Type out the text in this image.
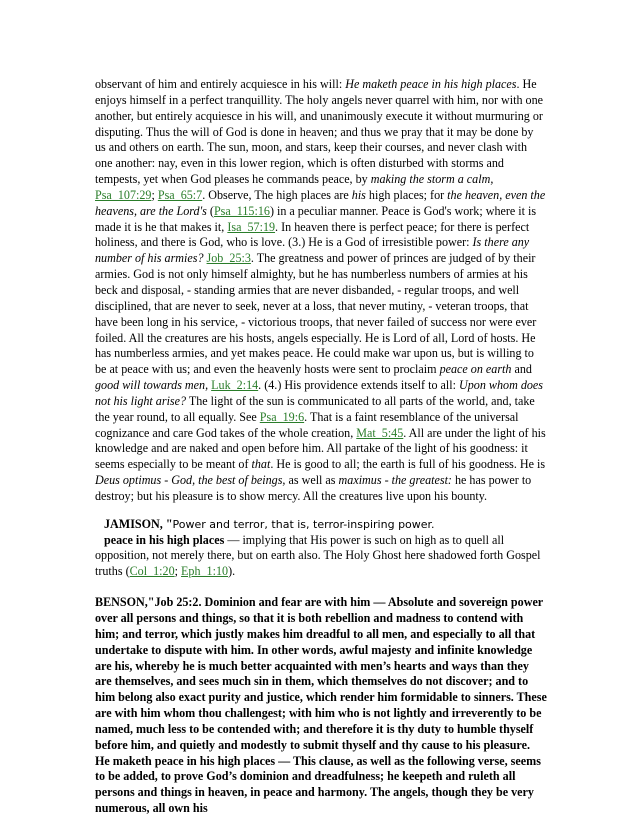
observant of him and entirely acquiesce in his will: He maketh peace in his high places. He enjoys himself in a perfect tranquillity. The holy angels never quarrel with him, nor with one another, but entirely acquiesce in his will, and unanimously execute it without murmuring or disputing. Thus the will of God is done in heaven; and thus we pray that it may be done by us and others on earth. The sun, moon, and stars, keep their courses, and never clash with one another: nay, even in this lower region, which is often disturbed with storms and tempests, yet when God pleases he commands peace, by making the storm a calm, Psa_107:29; Psa_65:7. Observe, The high places are his high places; for the heaven, even the heavens, are the Lord's (Psa_115:16) in a peculiar manner. Peace is God's work; where it is made it is he that makes it, Isa_57:19. In heaven there is perfect peace; for there is perfect holiness, and there is God, who is love. (3.) He is a God of irresistible power: Is there any number of his armies? Job_25:3. The greatness and power of princes are judged of by their armies. God is not only himself almighty, but he has numberless numbers of armies at his beck and disposal, - standing armies that are never disbanded, - regular troops, and well disciplined, that are never to seek, never at a loss, that never mutiny, - veteran troops, that have been long in his service, - victorious troops, that never failed of success nor were ever foiled. All the creatures are his hosts, angels especially. He is Lord of all, Lord of hosts. He has numberless armies, and yet makes peace. He could make war upon us, but is willing to be at peace with us; and even the heavenly hosts were sent to proclaim peace on earth and good will towards men, Luk_2:14. (4.) His providence extends itself to all: Upon whom does not his light arise? The light of the sun is communicated to all parts of the world, and, take the year round, to all equally. See Psa_19:6. That is a faint resemblance of the universal cognizance and care God takes of the whole creation, Mat_5:45. All are under the light of his knowledge and are naked and open before him. All partake of the light of his goodness: it seems especially to be meant of that. He is good to all; the earth is full of his goodness. He is Deus optimus - God, the best of beings, as well as maximus - the greatest: he has power to destroy; but his pleasure is to show mercy. All the creatures live upon his bounty.

JAMISON, "Power and terror, that is, terror-inspiring power.

peace in his high places — implying that His power is such on high as to quell all opposition, not merely there, but on earth also. The Holy Ghost here shadowed forth Gospel truths (Col_1:20; Eph_1:10).

BENSON,"Job 25:2. Dominion and fear are with him — Absolute and sovereign power over all persons and things, so that it is both rebellion and madness to contend with him; and terror, which justly makes him dreadful to all men, and especially to all that undertake to dispute with him. In other words, awful majesty and infinite knowledge are his, whereby he is much better acquainted with men’s hearts and ways than they are themselves, and sees much sin in them, which themselves do not discover; and to him belong also exact purity and justice, which render him formidable to sinners. These are with him whom thou challengest; with him who is not lightly and irreverently to be named, much less to be contended with; and therefore it is thy duty to humble thyself before him, and quietly and modestly to submit thyself and thy cause to his pleasure. He maketh peace in his high places — This clause, as well as the following verse, seems to be added, to prove God’s dominion and dreadfulness; he keepeth and ruleth all persons and things in heaven, in peace and harmony. The angels, though they be very numerous, all own his
